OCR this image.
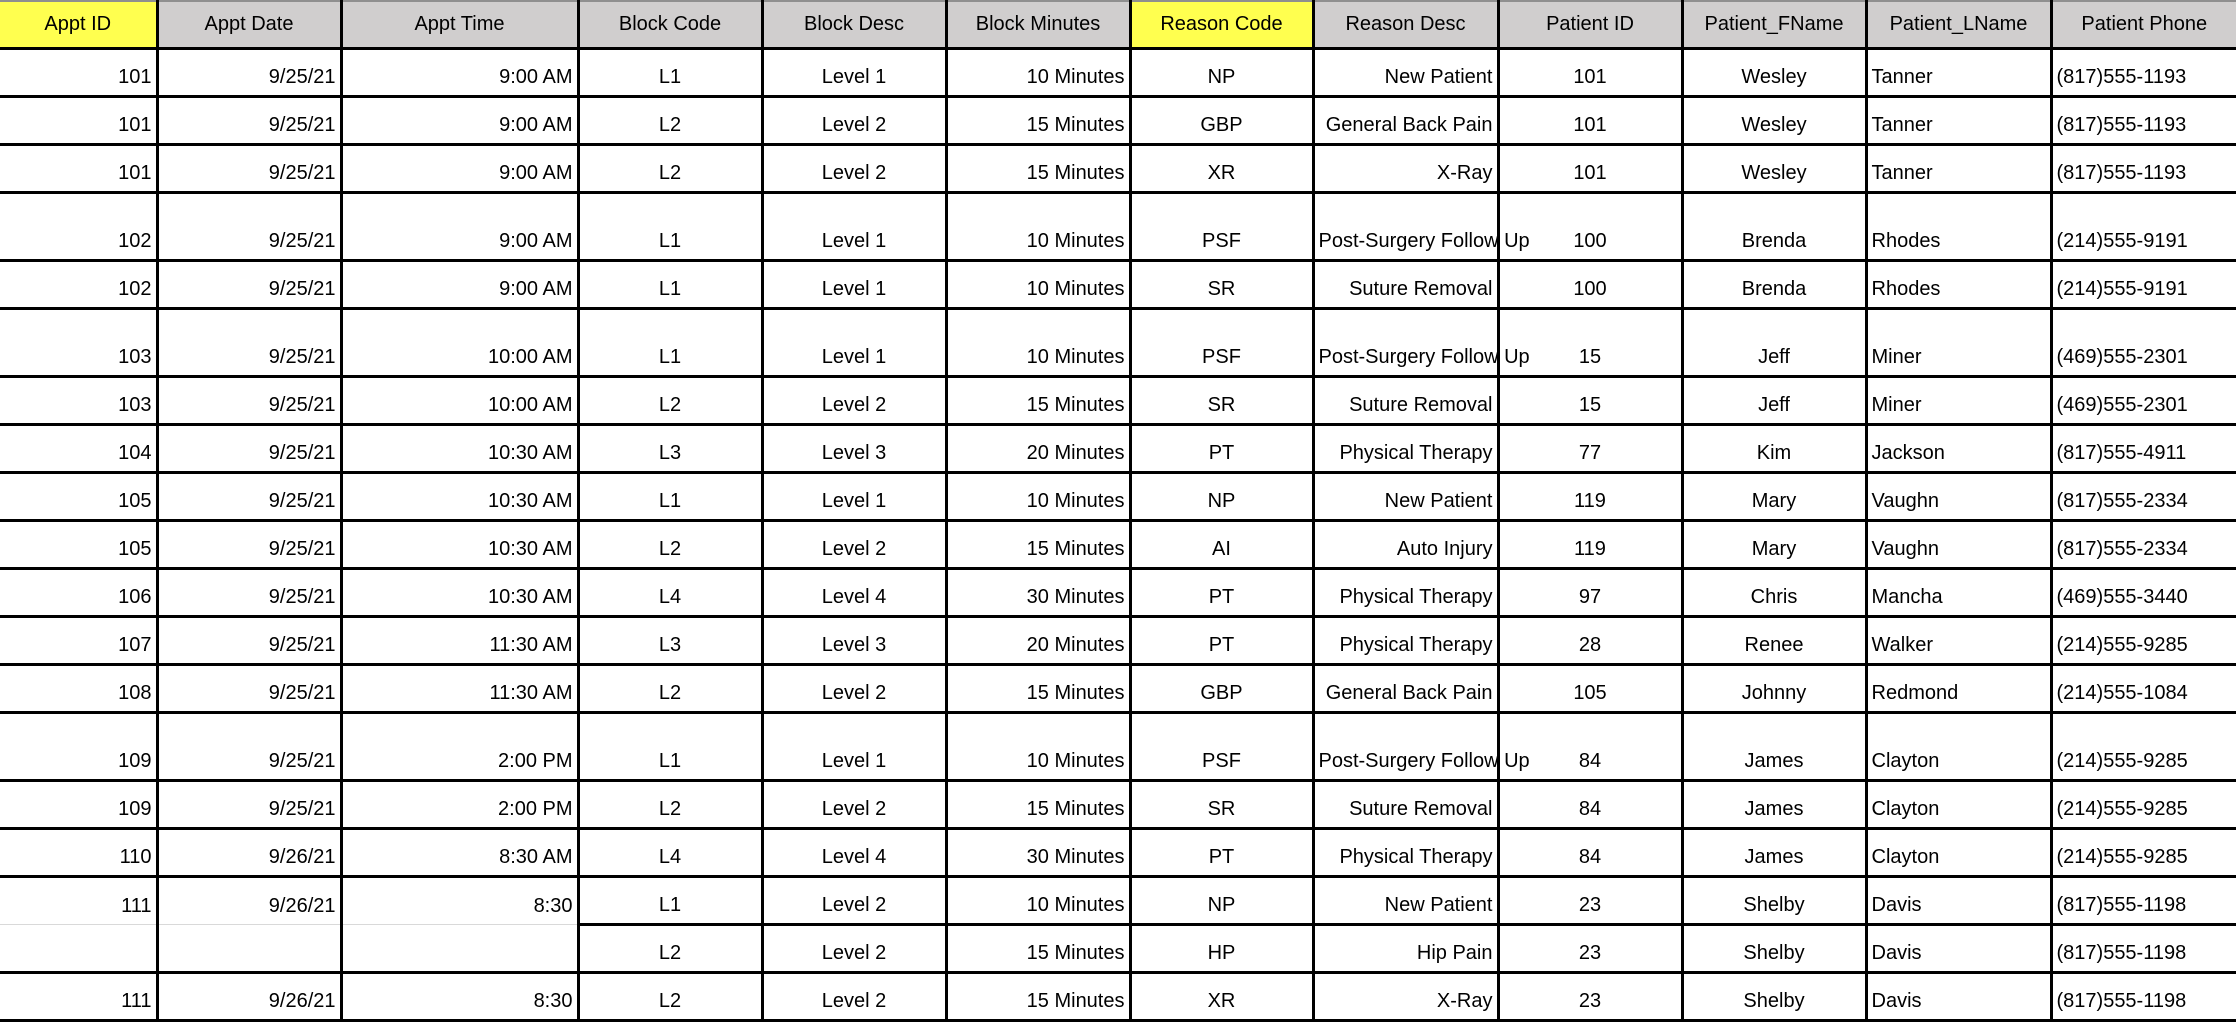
Appt ID	Appt Date	Appt Time	Block Code	Block Desc	Block Minutes	Reason Code	Reason Desc	Patient ID	Patient_FName	Patient_LName	Patient Phone
101	9/25/21	9:00 AM	L1	Level 1	10 Minutes	NP	New Patient	101	Wesley	Tanner	(817)555-1193
101	9/25/21	9:00 AM	L2	Level 2	15 Minutes	GBP	General Back Pain	101	Wesley	Tanner	(817)555-1193
101	9/25/21	9:00 AM	L2	Level 2	15 Minutes	XR	X-Ray	101	Wesley	Tanner	(817)555-1193
102	9/25/21	9:00 AM	L1	Level 1	10 Minutes	PSF	Post-Surgery Follow Up	100	Brenda	Rhodes	(214)555-9191
102	9/25/21	9:00 AM	L1	Level 1	10 Minutes	SR	Suture Removal	100	Brenda	Rhodes	(214)555-9191
103	9/25/21	10:00 AM	L1	Level 1	10 Minutes	PSF	Post-Surgery Follow Up	15	Jeff	Miner	(469)555-2301
103	9/25/21	10:00 AM	L2	Level 2	15 Minutes	SR	Suture Removal	15	Jeff	Miner	(469)555-2301
104	9/25/21	10:30 AM	L3	Level 3	20 Minutes	PT	Physical Therapy	77	Kim	Jackson	(817)555-4911
105	9/25/21	10:30 AM	L1	Level 1	10 Minutes	NP	New Patient	119	Mary	Vaughn	(817)555-2334
105	9/25/21	10:30 AM	L2	Level 2	15 Minutes	AI	Auto Injury	119	Mary	Vaughn	(817)555-2334
106	9/25/21	10:30 AM	L4	Level 4	30 Minutes	PT	Physical Therapy	97	Chris	Mancha	(469)555-3440
107	9/25/21	11:30 AM	L3	Level 3	20 Minutes	PT	Physical Therapy	28	Renee	Walker	(214)555-9285
108	9/25/21	11:30 AM	L2	Level 2	15 Minutes	GBP	General Back Pain	105	Johnny	Redmond	(214)555-1084
109	9/25/21	2:00 PM	L1	Level 1	10 Minutes	PSF	Post-Surgery Follow Up	84	James	Clayton	(214)555-9285
109	9/25/21	2:00 PM	L2	Level 2	15 Minutes	SR	Suture Removal	84	James	Clayton	(214)555-9285
110	9/26/21	8:30 AM	L4	Level 4	30 Minutes	PT	Physical Therapy	84	James	Clayton	(214)555-9285
111	9/26/21	8:30	L1	Level 2	10 Minutes	NP	New Patient	23	Shelby	Davis	(817)555-1198
			L2	Level 2	15 Minutes	HP	Hip Pain	23	Shelby	Davis	(817)555-1198
111	9/26/21	8:30	L2	Level 2	15 Minutes	XR	X-Ray	23	Shelby	Davis	(817)555-1198
